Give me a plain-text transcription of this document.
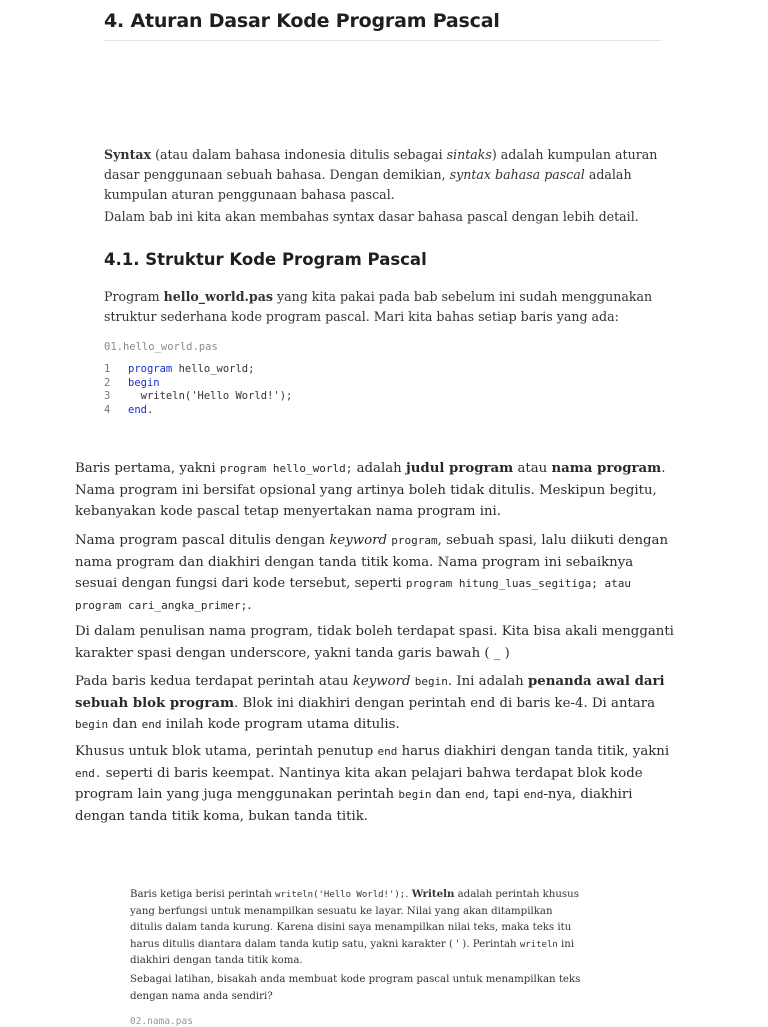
4. Aturan Dasar Kode Program Pascal
Syntax (atau dalam bahasa indonesia ditulis sebagai sintaks) adalah kumpulan aturan dasar penggunaan sebuah bahasa. Dengan demikian, syntax bahasa pascal adalah kumpulan aturan penggunaan bahasa pascal.
Dalam bab ini kita akan membahas syntax dasar bahasa pascal dengan lebih detail.
4.1. Struktur Kode Program Pascal
Program hello_world.pas yang kita pakai pada bab sebelum ini sudah menggunakan struktur sederhana kode program pascal. Mari kita bahas setiap baris yang ada:
01.hello_world.pas
1 program hello_world;
2 begin
3  writeln('Hello World!');
4 end.
Baris pertama, yakni program hello_world; adalah judul program atau nama program. Nama program ini bersifat opsional yang artinya boleh tidak ditulis. Meskipun begitu, kebanyakan kode pascal tetap menyertakan nama program ini.
Nama program pascal ditulis dengan keyword program, sebuah spasi, lalu diikuti dengan nama program dan diakhiri dengan tanda titik koma. Nama program ini sebaiknya sesuai dengan fungsi dari kode tersebut, seperti program hitung_luas_segitiga; atau program cari_angka_primer;.
Di dalam penulisan nama program, tidak boleh terdapat spasi. Kita bisa akali mengganti karakter spasi dengan underscore, yakni tanda garis bawah ( _ )
Pada baris kedua terdapat perintah atau keyword begin. Ini adalah penanda awal dari sebuah blok program. Blok ini diakhiri dengan perintah end di baris ke-4. Di antara begin dan end inilah kode program utama ditulis.
Khusus untuk blok utama, perintah penutup end harus diakhiri dengan tanda titik, yakni end. seperti di baris keempat. Nantinya kita akan pelajari bahwa terdapat blok kode program lain yang juga menggunakan perintah begin dan end, tapi end-nya, diakhiri dengan tanda titik koma, bukan tanda titik.
Baris ketiga berisi perintah writeln('Hello World!');. Writeln adalah perintah khusus yang berfungsi untuk menampilkan sesuatu ke layar. Nilai yang akan ditampilkan ditulis dalam tanda kurung. Karena disini saya menampilkan nilai teks, maka teks itu harus ditulis diantara dalam tanda kutip satu, yakni karakter ( ' ). Perintah writeln ini diakhiri dengan tanda titik koma.
Sebagai latihan, bisakah anda membuat kode program pascal untuk menampilkan teks dengan nama anda sendiri?
02.nama.pas
